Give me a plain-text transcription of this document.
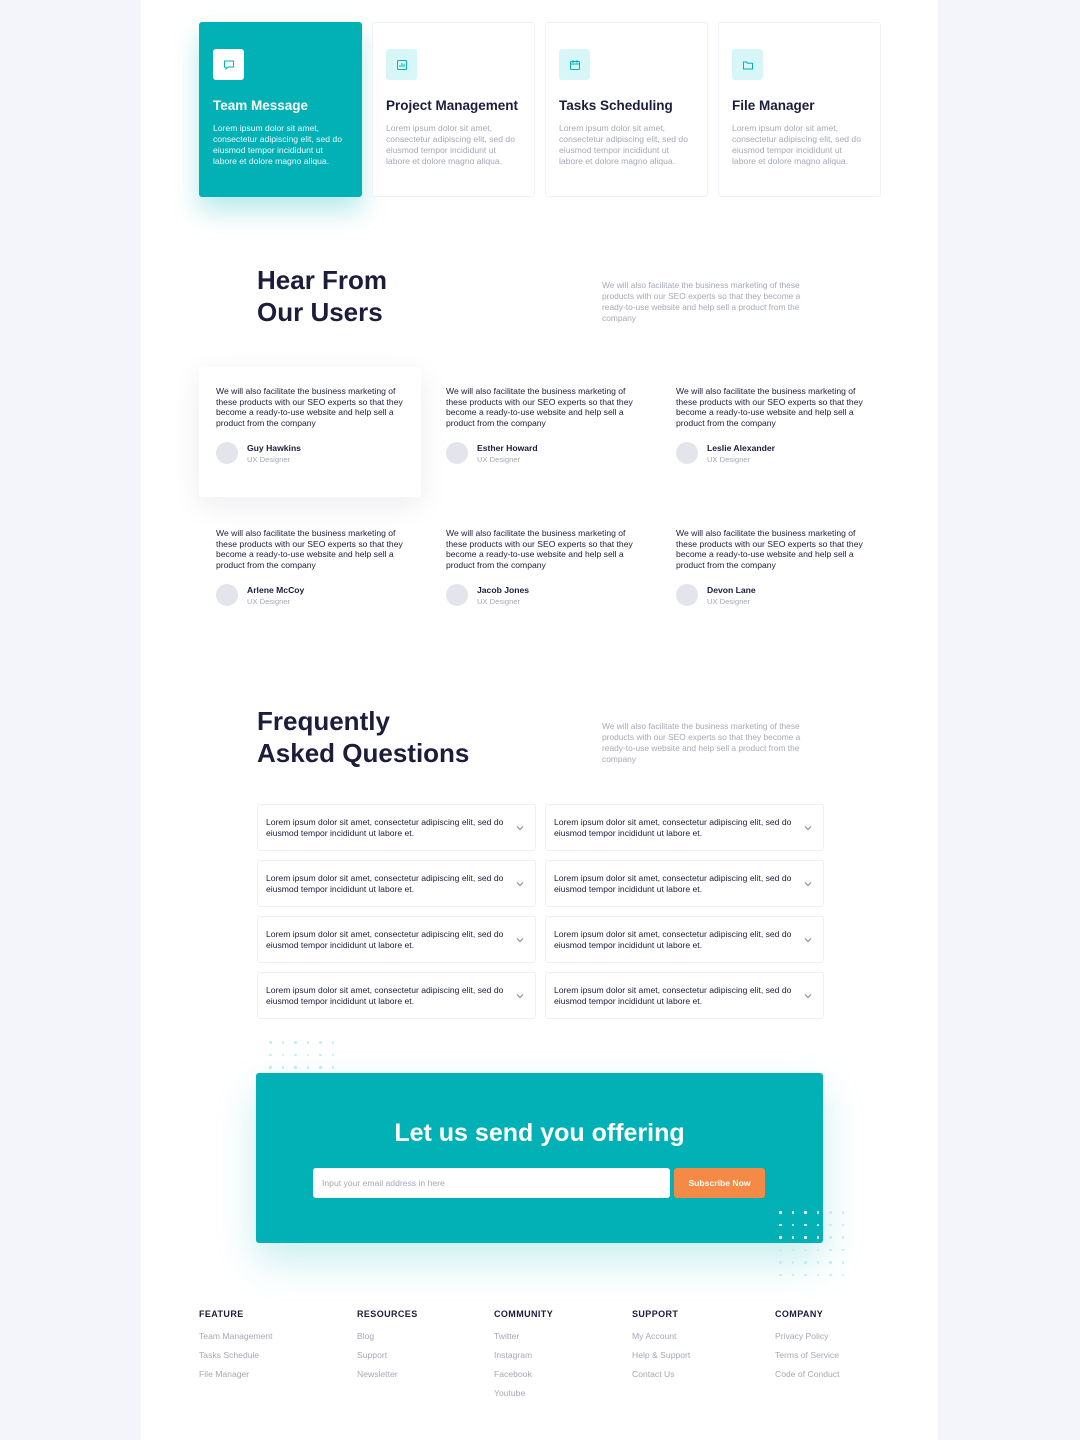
Team Message
Lorem ipsum dolor sit amet, consectetur adipiscing elit, sed do eiusmod tempor incididunt ut labore et dolore magno aliqua.
Project Management
Lorem ipsum dolor sit amet, consectetur adipiscing elit, sed do eiusmod tempor incididunt ut labore et dolore magno aliqua.
Tasks Scheduling
Lorem ipsum dolor sit amet, consectetur adipiscing elit, sed do eiusmod tempor incididunt ut labore et dolore magno aliqua.
File Manager
Lorem ipsum dolor sit amet, consectetur adipiscing elit, sed do eiusmod tempor incididunt ut labore et dolore magno aliqua.
Hear From
Our Users
We will also facilitate the business marketing of these products with our SEO experts so that they become a ready-to-use website and help sell a product from the company
We will also facilitate the business marketing of these products with our SEO experts so that they become a ready-to-use website and help sell a product from the company
Guy Hawkins
UX Designer
We will also facilitate the business marketing of these products with our SEO experts so that they become a ready-to-use website and help sell a product from the company
Esther Howard
UX Designer
We will also facilitate the business marketing of these products with our SEO experts so that they become a ready-to-use website and help sell a product from the company
Leslie Alexander
UX Designer
We will also facilitate the business marketing of these products with our SEO experts so that they become a ready-to-use website and help sell a product from the company
Arlene McCoy
UX Designer
We will also facilitate the business marketing of these products with our SEO experts so that they become a ready-to-use website and help sell a product from the company
Jacob Jones
UX Designer
We will also facilitate the business marketing of these products with our SEO experts so that they become a ready-to-use website and help sell a product from the company
Devon Lane
UX Designer
Frequently
Asked Questions
We will also facilitate the business marketing of these products with our SEO experts so that they become a ready-to-use website and help sell a product from the company
Lorem ipsum dolor sit amet, consectetur adipiscing elit, sed do eiusmod tempor incididunt ut labore et.
Lorem ipsum dolor sit amet, consectetur adipiscing elit, sed do eiusmod tempor incididunt ut labore et.
Lorem ipsum dolor sit amet, consectetur adipiscing elit, sed do eiusmod tempor incididunt ut labore et.
Lorem ipsum dolor sit amet, consectetur adipiscing elit, sed do eiusmod tempor incididunt ut labore et.
Lorem ipsum dolor sit amet, consectetur adipiscing elit, sed do eiusmod tempor incididunt ut labore et.
Lorem ipsum dolor sit amet, consectetur adipiscing elit, sed do eiusmod tempor incididunt ut labore et.
Lorem ipsum dolor sit amet, consectetur adipiscing elit, sed do eiusmod tempor incididunt ut labore et.
Lorem ipsum dolor sit amet, consectetur adipiscing elit, sed do eiusmod tempor incididunt ut labore et.
Let us send you offering
Input your email address in here
Subscribe Now
FEATURE
Team Management
Tasks Schedule
File Manager
RESOURCES
Blog
Support
Newsletter
COMMUNITY
Twitter
Instagram
Facebook
Youtube
SUPPORT
My Account
Help & Support
Contact Us
COMPANY
Privacy Policy
Terms of Service
Code of Conduct
